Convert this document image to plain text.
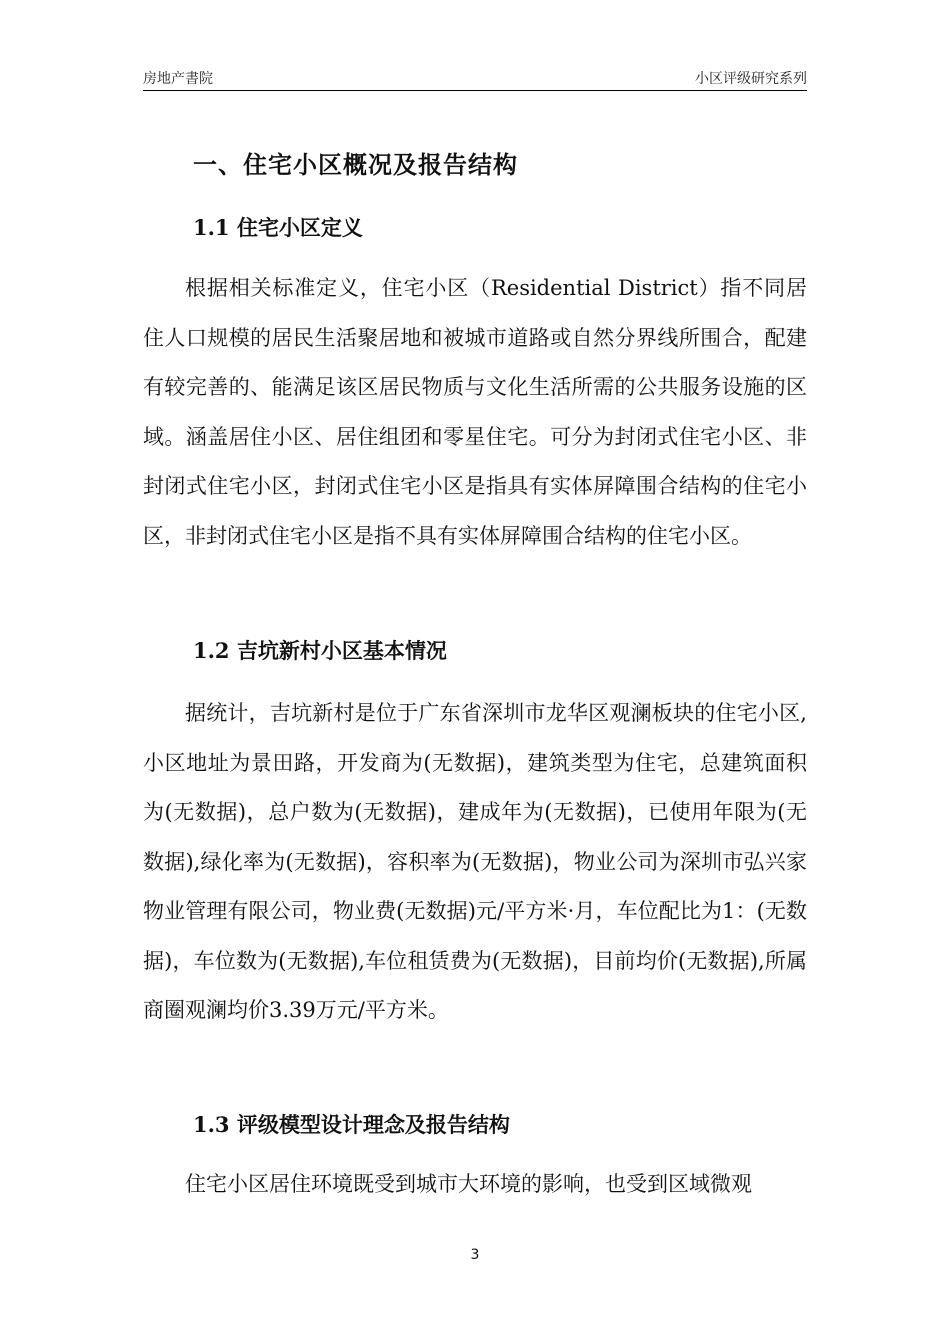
房地产書院	小区评级研究系列
一、住宅小区概况及报告结构
1.1 住宅小区定义

根据相关标准定义，住宅小区（Residential District）指不同居住人口规模的居民生活聚居地和被城市道路或自然分界线所围合，配建有较完善的、能满足该区居民物质与文化生活所需的公共服务设施的区域。涵盖居住小区、居住组团和零星住宅。可分为封闭式住宅小区、非封闭式住宅小区，封闭式住宅小区是指具有实体屏障围合结构的住宅小区，非封闭式住宅小区是指不具有实体屏障围合结构的住宅小区。

1.2 吉坑新村小区基本情况

据统计，吉坑新村是位于广东省深圳市龙华区观澜板块的住宅小区,小区地址为景田路，开发商为(无数据)，建筑类型为住宅，总建筑面积为(无数据)，总户数为(无数据)，建成年为(无数据)，已使用年限为(无数据),绿化率为(无数据)，容积率为(无数据)，物业公司为深圳市弘兴家物业管理有限公司，物业费(无数据)元/平方米·月，车位配比为1：(无数据)，车位数为(无数据),车位租赁费为(无数据)，目前均价(无数据),所属商圈观澜均价3.39万元/平方米。

1.3 评级模型设计理念及报告结构

住宅小区居住环境既受到城市大环境的影响，也受到区域微观

3
